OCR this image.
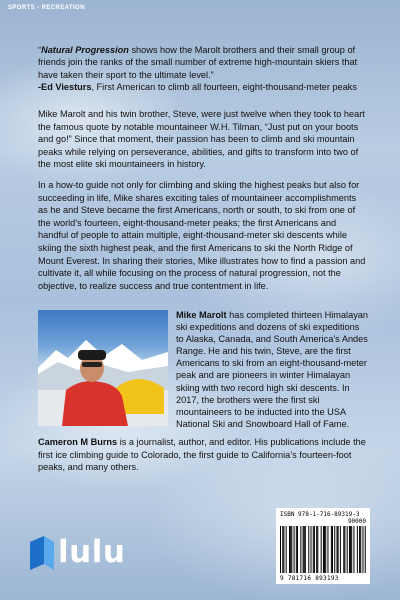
SPORTS - RECREATION
“Natural Progression shows how the Marolt brothers and their small group of friends join the ranks of the small number of extreme high-mountain skiers that have taken their sport to the ultimate level.”
-Ed Viesturs, First American to climb all fourteen, eight-thousand-meter peaks
Mike Marolt and his twin brother, Steve, were just twelve when they took to heart the famous quote by notable mountaineer W.H. Tilman, “Just put on your boots and go!” Since that moment, their passion has been to climb and ski mountain peaks while relying on perseverance, abilities, and gifts to transform into two of the most elite ski mountaineers in history.
In a how-to guide not only for climbing and skiing the highest peaks but also for succeeding in life, Mike shares exciting tales of mountaineer accomplishments as he and Steve became the first Americans, north or south, to ski from one of the world’s fourteen, eight-thousand-meter peaks; the first Americans and handful of people to attain multiple, eight-thousand-meter ski descents while skiing the sixth highest peak, and the first Americans to ski the North Ridge of Mount Everest. In sharing their stories, Mike illustrates how to find a passion and cultivate it, all while focusing on the process of natural progression, not the objective, to realize success and true contentment in life.
Mike Marolt has completed thirteen Himalayan ski expeditions and dozens of ski expeditions to Alaska, Canada, and South America’s Andes Range. He and his twin, Steve, are the first Americans to ski from an eight-thousand-meter peak and are pioneers in winter Himalayan skiing with two record high ski descents. In 2017, the brothers were the first ski mountaineers to be inducted into the USA National Ski and Snowboard Hall of Fame.
Cameron M Burns is a journalist, author, and editor. His publications include the first ice climbing guide to Colorado, the first guide to California’s fourteen-foot peaks, and many others.
lulu
ISBN 978-1-716-89319-3
90000
9 781716 893193
